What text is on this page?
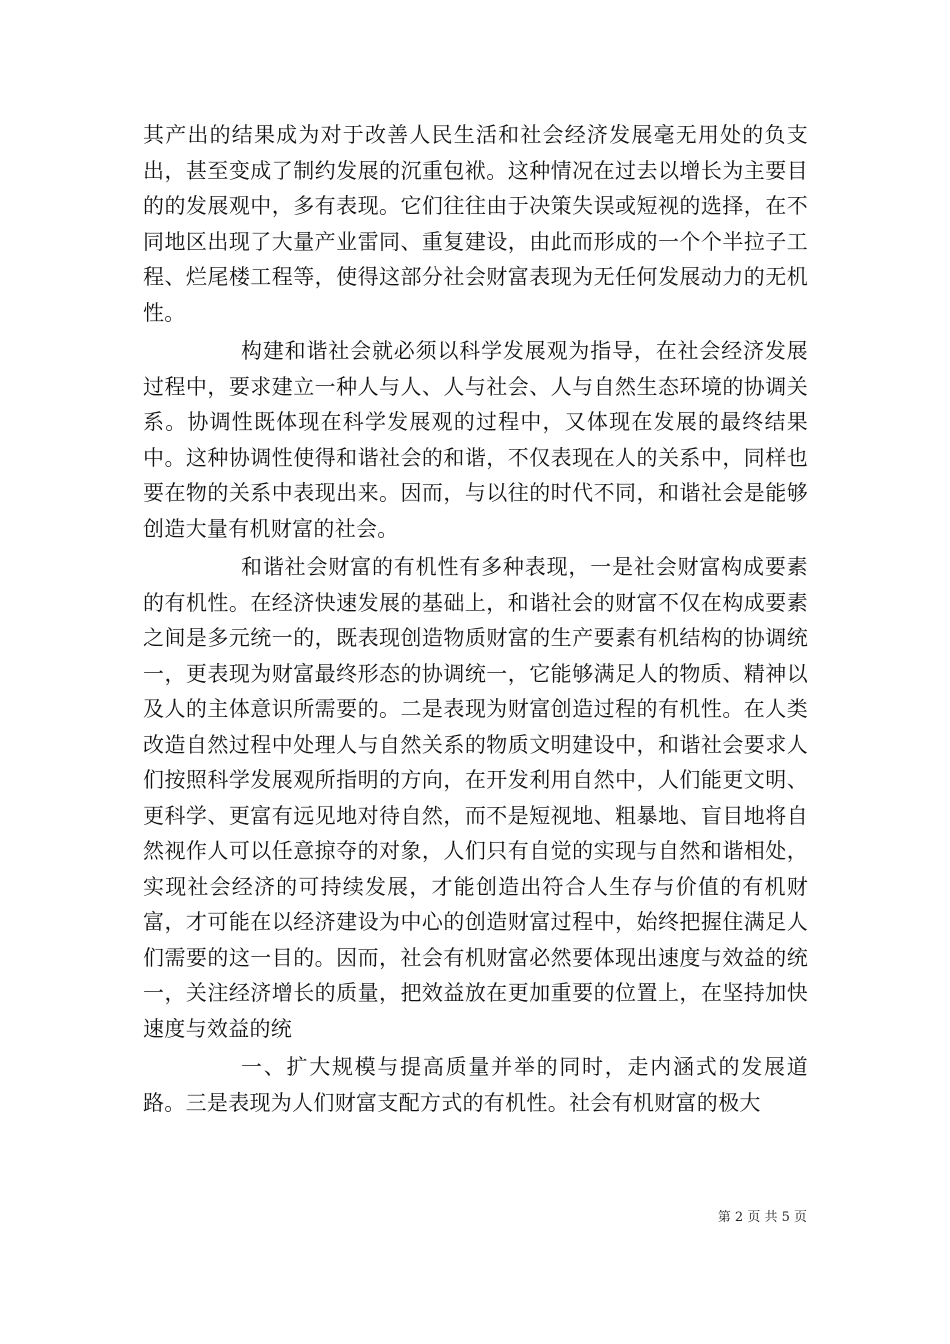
其产出的结果成为对于改善人民生活和社会经济发展毫无用处的负支出，甚至变成了制约发展的沉重包袱。这种情况在过去以增长为主要目的的发展观中，多有表现。它们往往由于决策失误或短视的选择，在不同地区出现了大量产业雷同、重复建设，由此而形成的一个个半拉子工程、烂尾楼工程等，使得这部分社会财富表现为无任何发展动力的无机性。

构建和谐社会就必须以科学发展观为指导，在社会经济发展过程中，要求建立一种人与人、人与社会、人与自然生态环境的协调关系。协调性既体现在科学发展观的过程中，又体现在发展的最终结果中。这种协调性使得和谐社会的和谐，不仅表现在人的关系中，同样也要在物的关系中表现出来。因而，与以往的时代不同，和谐社会是能够创造大量有机财富的社会。

和谐社会财富的有机性有多种表现，一是社会财富构成要素的有机性。在经济快速发展的基础上，和谐社会的财富不仅在构成要素之间是多元统一的，既表现创造物质财富的生产要素有机结构的协调统一，更表现为财富最终形态的协调统一，它能够满足人的物质、精神以及人的主体意识所需要的。二是表现为财富创造过程的有机性。在人类改造自然过程中处理人与自然关系的物质文明建设中，和谐社会要求人们按照科学发展观所指明的方向，在开发利用自然中，人们能更文明、更科学、更富有远见地对待自然，而不是短视地、粗暴地、盲目地将自然视作人可以任意掠夺的对象，人们只有自觉的实现与自然和谐相处，实现社会经济的可持续发展，才能创造出符合人生存与价值的有机财富，才可能在以经济建设为中心的创造财富过程中，始终把握住满足人们需要的这一目的。因而，社会有机财富必然要体现出速度与效益的统一，关注经济增长的质量，把效益放在更加重要的位置上，在坚持加快速度与效益的统

一、扩大规模与提高质量并举的同时，走内涵式的发展道路。三是表现为人们财富支配方式的有机性。社会有机财富的极大

第 2 页 共 5 页
